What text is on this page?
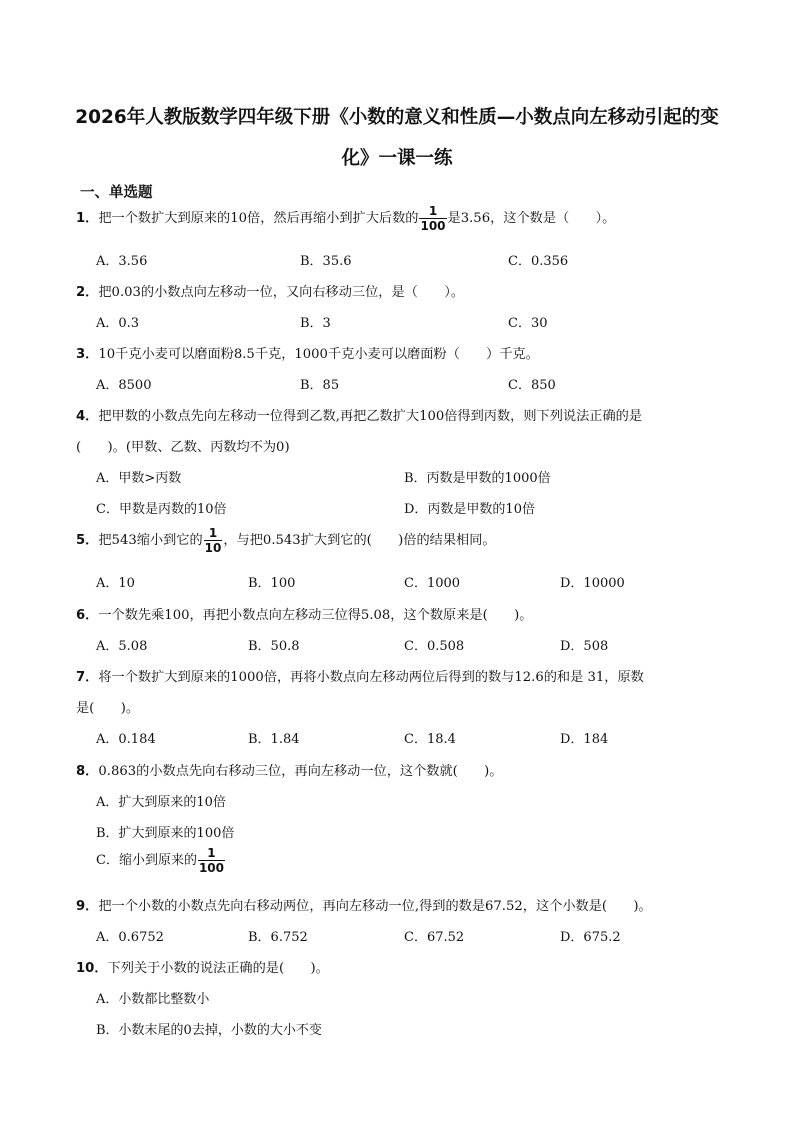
2026年人教版数学四年级下册《小数的意义和性质—小数点向左移动引起的变
化》一课一练
一、单选题
1．把一个数扩大到原来的10倍，然后再缩小到扩大后数的 $\frac{1}{100}$ 是3.56，这个数是（　　）。
A．3.56	B．35.6	C．0.356
2．把0.03的小数点向左移动一位，又向右移动三位，是（　　）。
A．0.3	B．3	C．30
3．10千克小麦可以磨面粉8.5千克，1000千克小麦可以磨面粉（　　）千克。
A．8500	B．85	C．850
4．把甲数的小数点先向左移动一位得到乙数,再把乙数扩大100倍得到丙数，则下列说法正确的是
(　　)。(甲数、乙数、丙数均不为0)
A．甲数>丙数	B．丙数是甲数的1000倍
C．甲数是丙数的10倍	D．丙数是甲数的10倍
5．把543缩小到它的 $\frac{1}{10}$ ，与把0.543扩大到它的(　　)倍的结果相同。
A．10	B．100	C．1000	D．10000
6．一个数先乘100，再把小数点向左移动三位得5.08，这个数原来是(　　)。
A．5.08	B．50.8	C．0.508	D．508
7．将一个数扩大到原来的1000倍，再将小数点向左移动两位后得到的数与12.6的和是 31，原数
是(　　)。
A．0.184	B．1.84	C．18.4	D．184
8．0.863的小数点先向右移动三位，再向左移动一位，这个数就(　　)。
A．扩大到原来的10倍
B．扩大到原来的100倍
C．缩小到原来的 $\frac{1}{100}$
9．把一个小数的小数点先向右移动两位，再向左移动一位,得到的数是67.52，这个小数是(　　)。
A．0.6752	B．6.752	C．67.52	D．675.2
10．下列关于小数的说法正确的是(　　)。
A．小数都比整数小
B．小数末尾的0去掉，小数的大小不变
